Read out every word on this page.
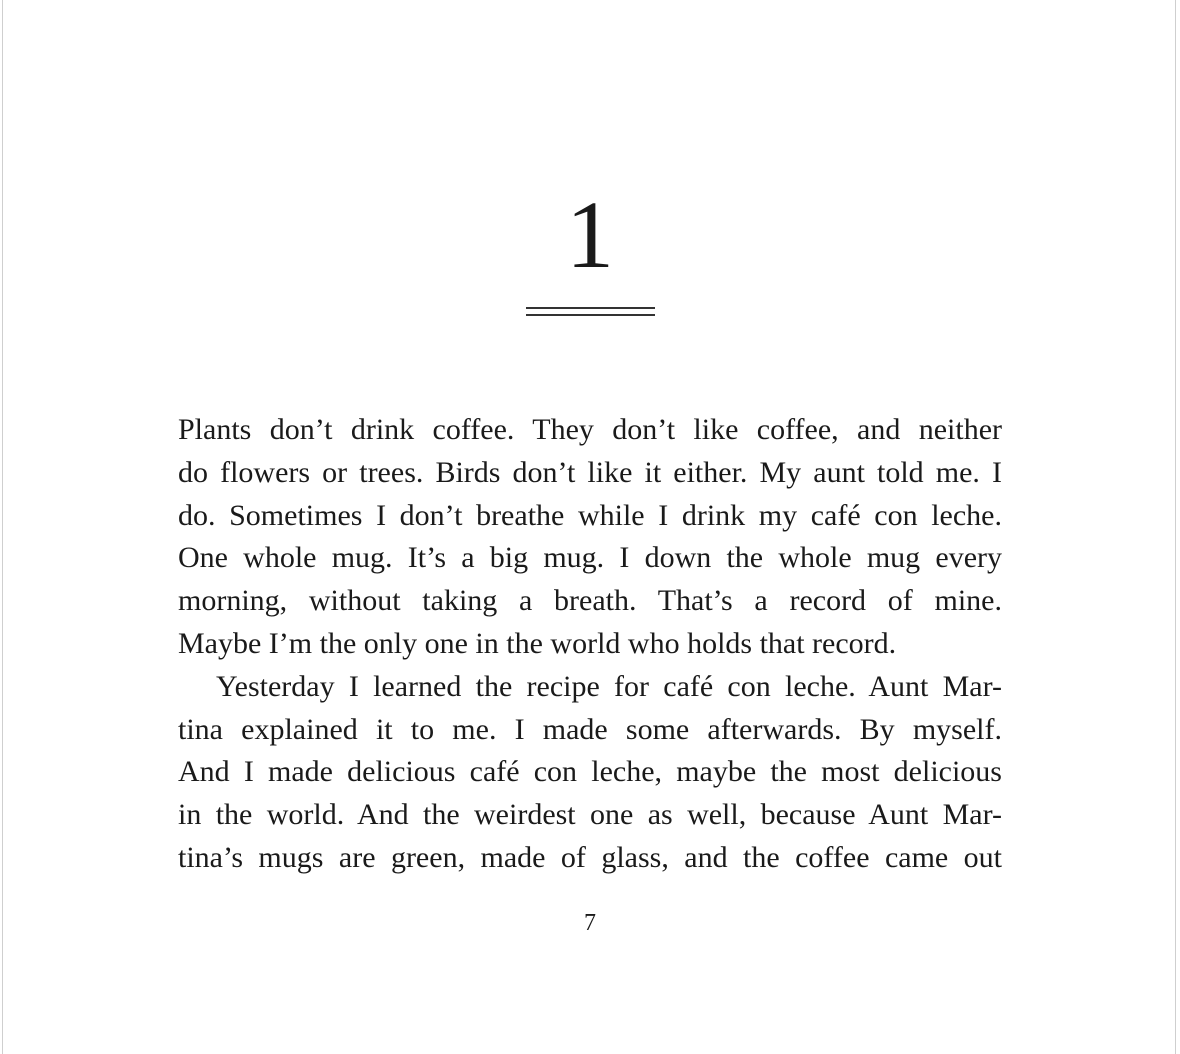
1

Plants don’t drink coffee. They don’t like coffee, and neither
do flowers or trees. Birds don’t like it either. My aunt told me. I
do. Sometimes I don’t breathe while I drink my café con leche.
One whole mug. It’s a big mug. I down the whole mug every
morning, without taking a breath. That’s a record of mine.
Maybe I’m the only one in the world who holds that record.

Yesterday I learned the recipe for café con leche. Aunt Mar-
tina explained it to me. I made some afterwards. By myself.
And I made delicious café con leche, maybe the most delicious
in the world. And the weirdest one as well, because Aunt Mar-
tina’s mugs are green, made of glass, and the coffee came out

7
